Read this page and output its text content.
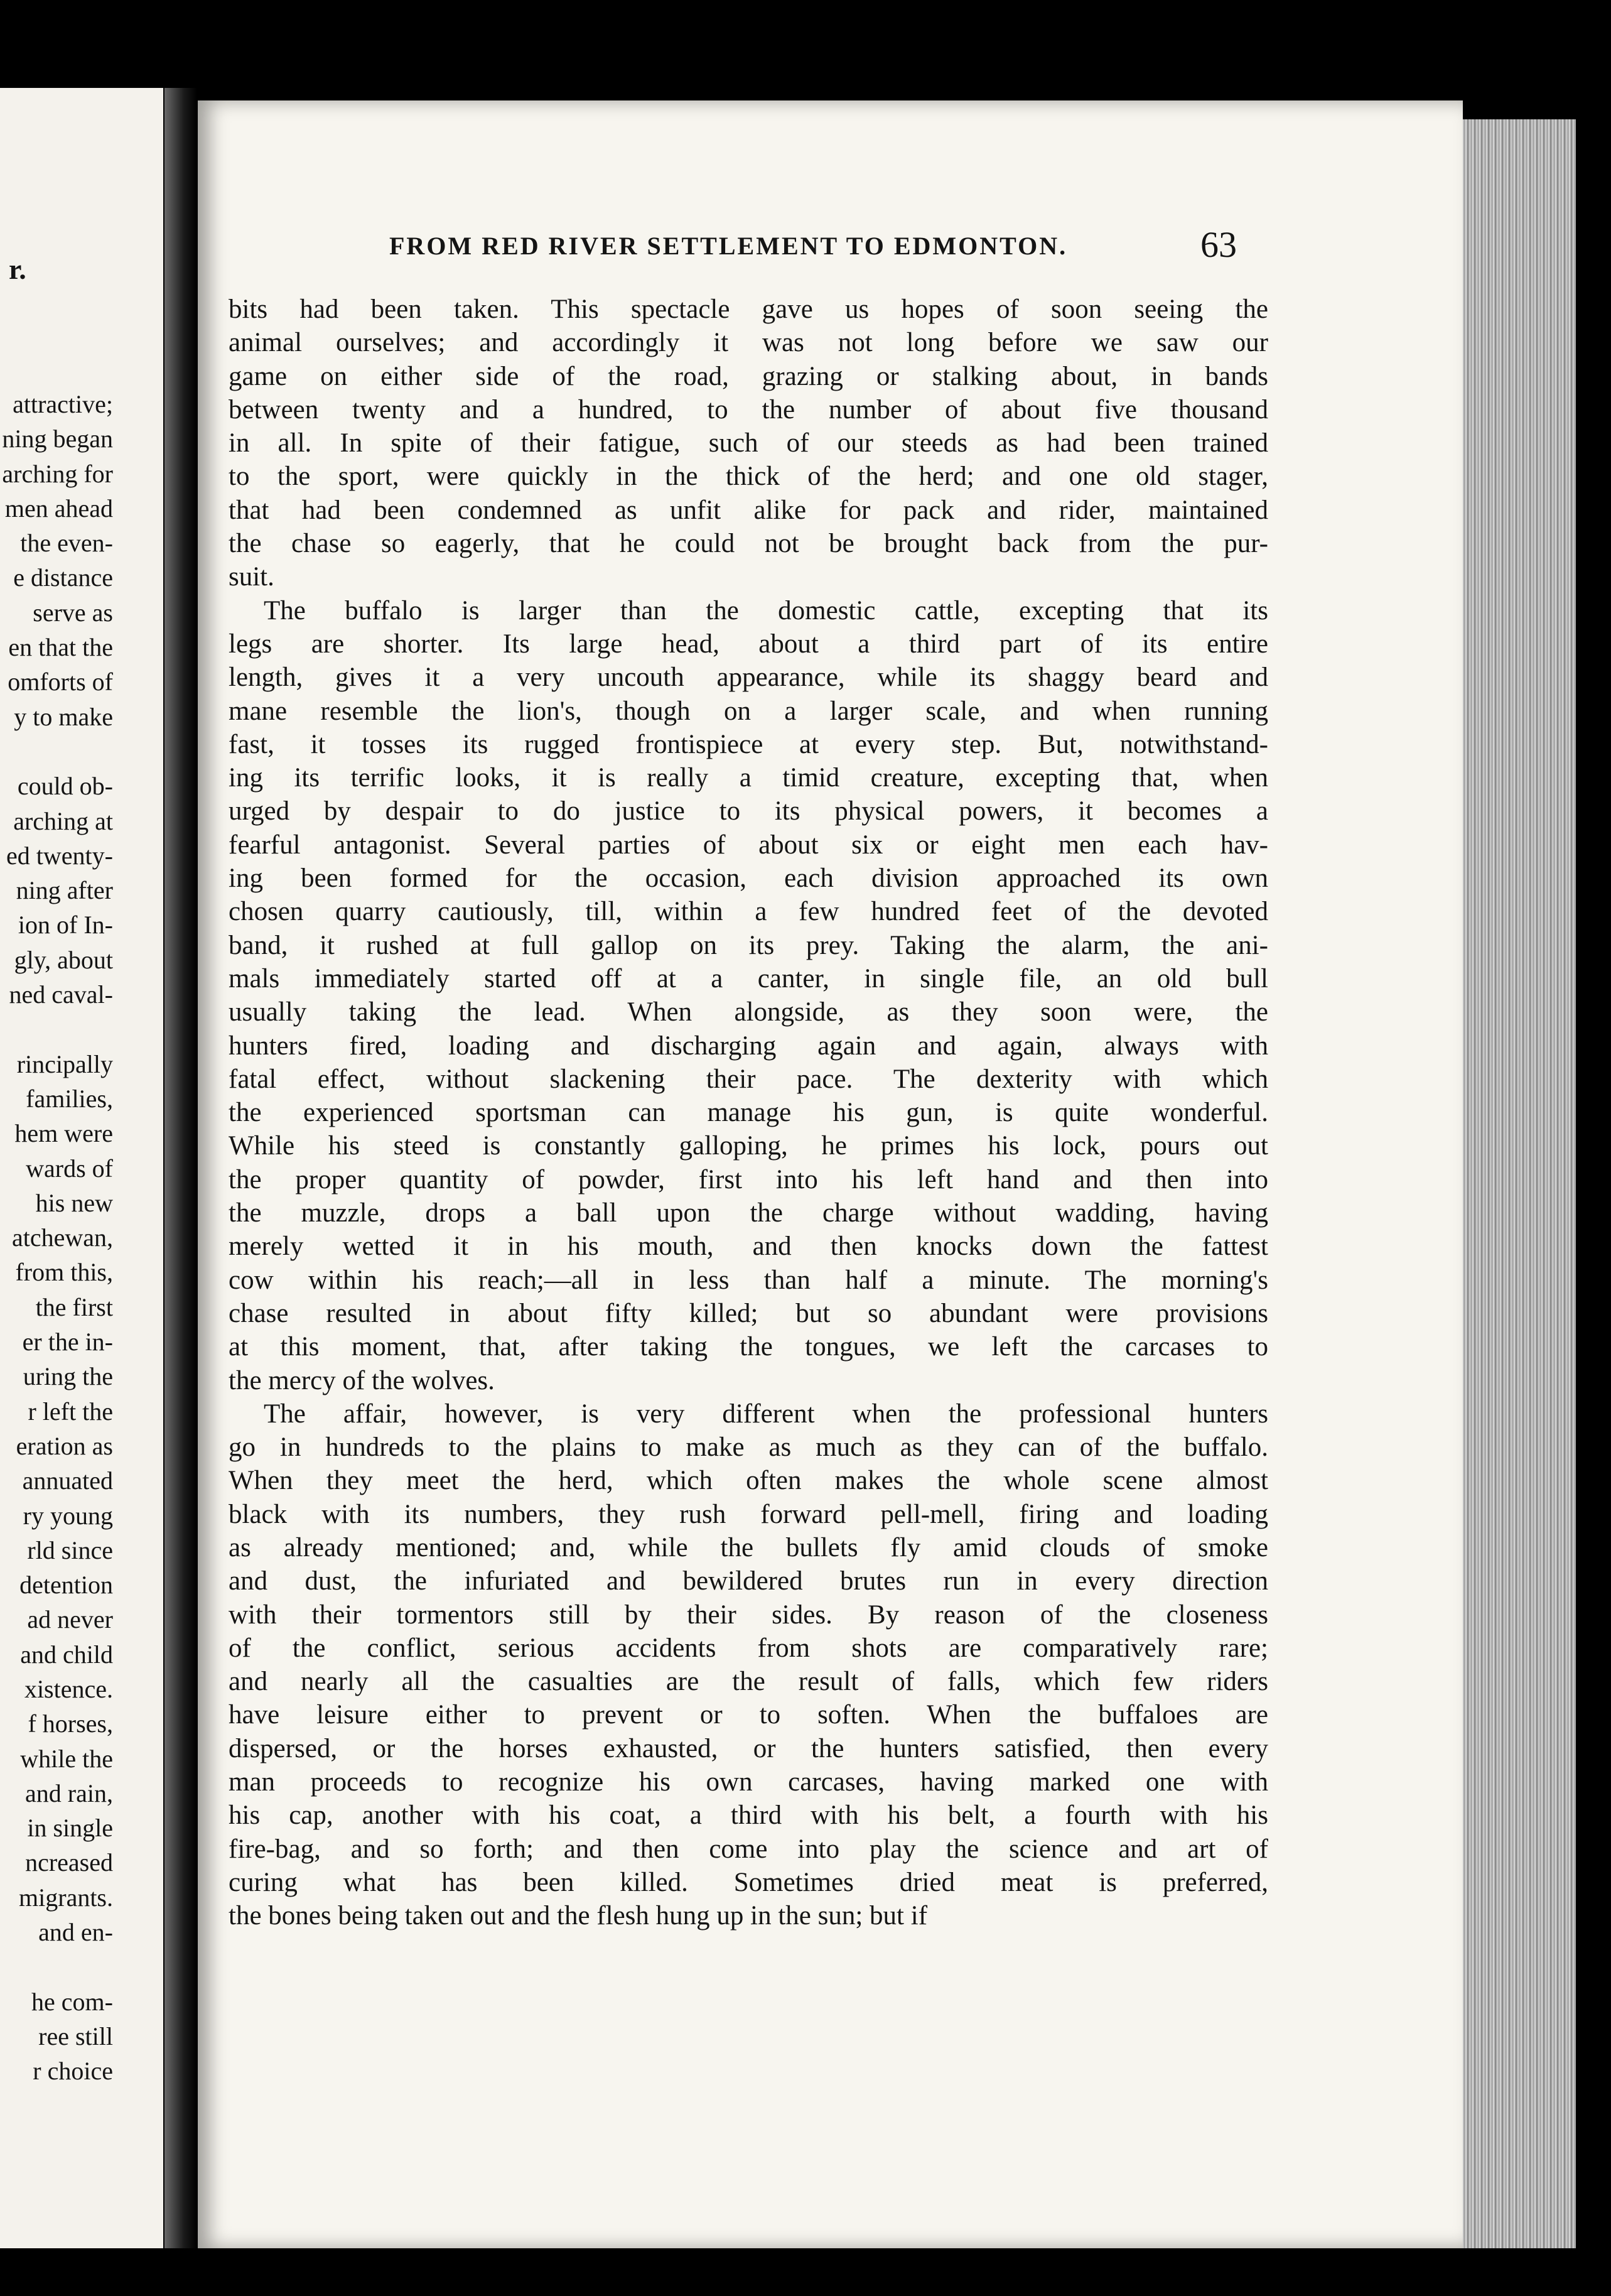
r.
attractive;
ning began
arching for
men ahead
the even-
e distance
serve as
en that the
omforts of
y to make
could ob-
arching at
ed twenty-
ning after
ion of In-
gly, about
ned caval-
rincipally
families,
hem were
wards of
his new
atchewan,
from this,
the first
er the in-
uring the
r left the
eration as
annuated
ry young
rld since
detention
ad never
and child
xistence.
f horses,
while the
and rain,
in single
ncreased
migrants.
and en-
he com-
ree still
r choice
FROM RED RIVER SETTLEMENT TO EDMONTON.	63
bits had been taken. This spectacle gave us hopes of soon seeing the
animal ourselves; and accordingly it was not long before we saw our
game on either side of the road, grazing or stalking about, in bands
between twenty and a hundred, to the number of about five thousand
in all. In spite of their fatigue, such of our steeds as had been trained
to the sport, were quickly in the thick of the herd; and one old stager,
that had been condemned as unfit alike for pack and rider, maintained
the chase so eagerly, that he could not be brought back from the pur-
suit.
The buffalo is larger than the domestic cattle, excepting that its
legs are shorter. Its large head, about a third part of its entire
length, gives it a very uncouth appearance, while its shaggy beard and
mane resemble the lion's, though on a larger scale, and when running
fast, it tosses its rugged frontispiece at every step. But, notwithstand-
ing its terrific looks, it is really a timid creature, excepting that, when
urged by despair to do justice to its physical powers, it becomes a
fearful antagonist. Several parties of about six or eight men each hav-
ing been formed for the occasion, each division approached its own
chosen quarry cautiously, till, within a few hundred feet of the devoted
band, it rushed at full gallop on its prey. Taking the alarm, the ani-
mals immediately started off at a canter, in single file, an old bull
usually taking the lead. When alongside, as they soon were, the
hunters fired, loading and discharging again and again, always with
fatal effect, without slackening their pace. The dexterity with which
the experienced sportsman can manage his gun, is quite wonderful.
While his steed is constantly galloping, he primes his lock, pours out
the proper quantity of powder, first into his left hand and then into
the muzzle, drops a ball upon the charge without wadding, having
merely wetted it in his mouth, and then knocks down the fattest
cow within his reach;—all in less than half a minute. The morning's
chase resulted in about fifty killed; but so abundant were provisions
at this moment, that, after taking the tongues, we left the carcases to
the mercy of the wolves.
The affair, however, is very different when the professional hunters
go in hundreds to the plains to make as much as they can of the buffalo.
When they meet the herd, which often makes the whole scene almost
black with its numbers, they rush forward pell-mell, firing and loading
as already mentioned; and, while the bullets fly amid clouds of smoke
and dust, the infuriated and bewildered brutes run in every direction
with their tormentors still by their sides. By reason of the closeness
of the conflict, serious accidents from shots are comparatively rare;
and nearly all the casualties are the result of falls, which few riders
have leisure either to prevent or to soften. When the buffaloes are
dispersed, or the horses exhausted, or the hunters satisfied, then every
man proceeds to recognize his own carcases, having marked one with
his cap, another with his coat, a third with his belt, a fourth with his
fire-bag, and so forth; and then come into play the science and art of
curing what has been killed. Sometimes dried meat is preferred,
the bones being taken out and the flesh hung up in the sun; but if
